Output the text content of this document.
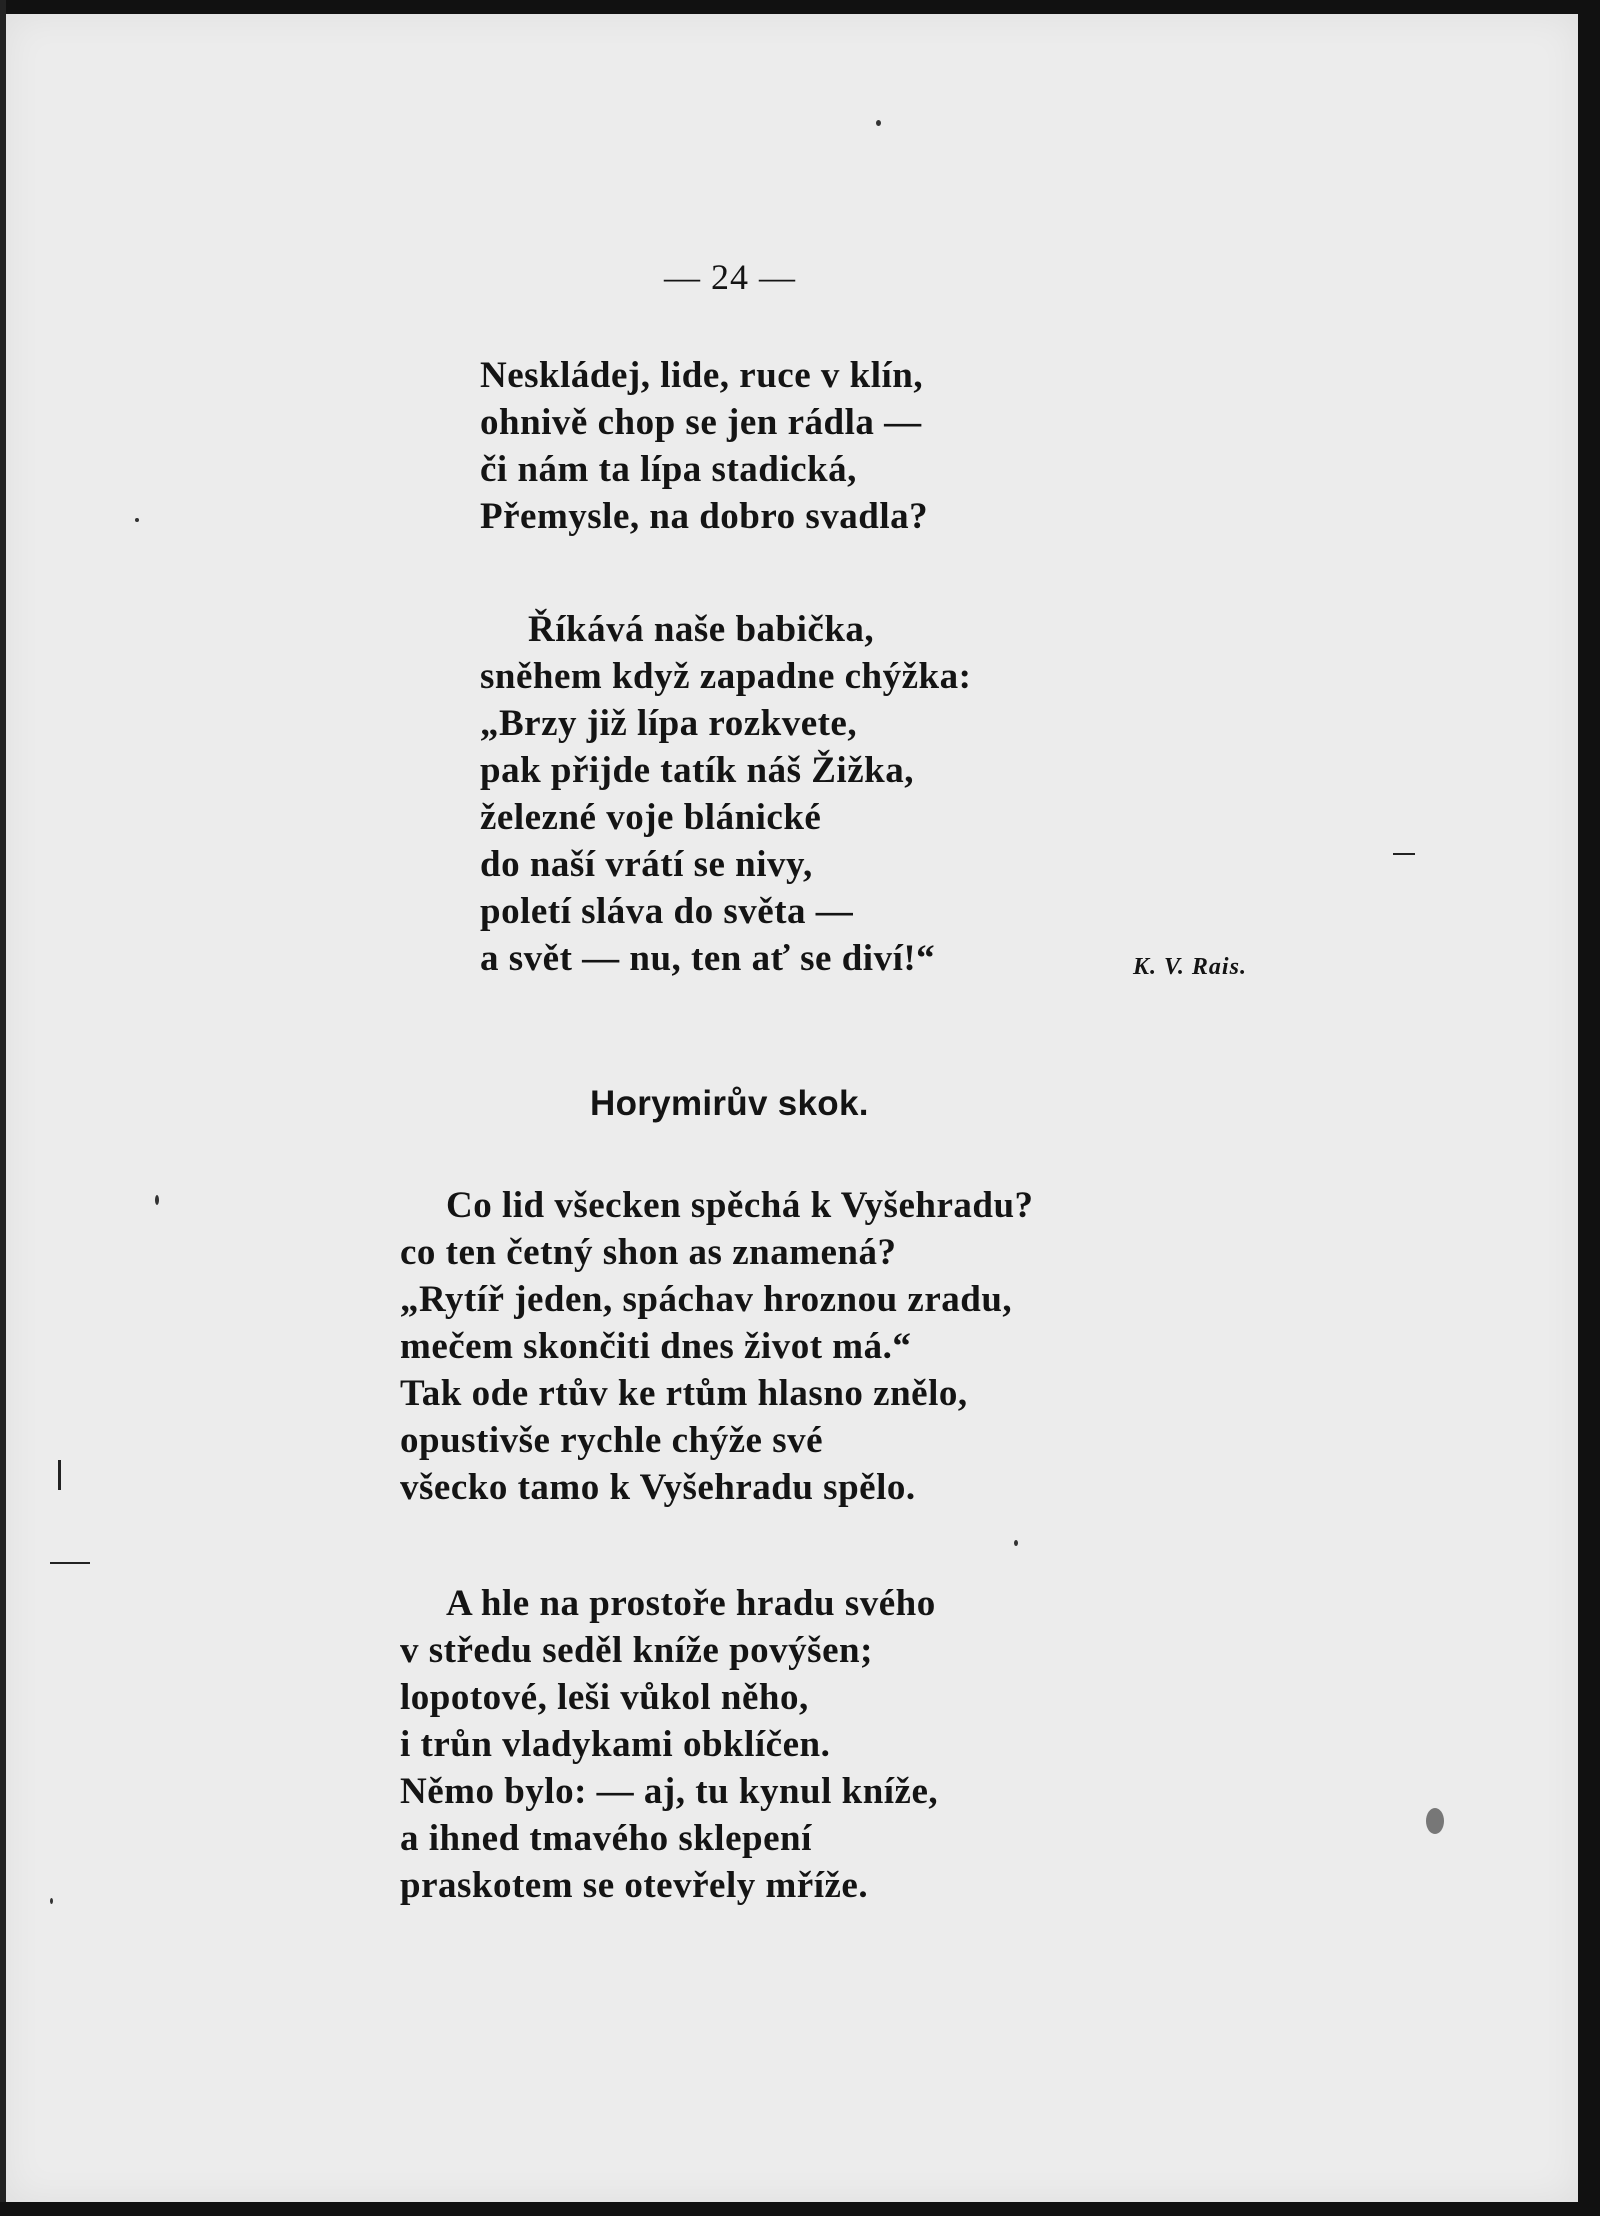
— 24 —
Neskládej, lide, ruce v klín,
ohnivě chop se jen rádla —
či nám ta lípa stadická,
Přemysle, na dobro svadla?
Říkává naše babička,
sněhem když zapadne chýžka:
„Brzy již lípa rozkvete,
pak přijde tatík náš Žižka,
železné voje blánické
do naší vrátí se nivy,
poletí sláva do světa —
a svět — nu, ten ať se diví!“	K. V. Rais.
Horymirův skok.
Co lid všecken spěchá k Vyšehradu?
co ten četný shon as znamená?
„Rytíř jeden, spáchav hroznou zradu,
mečem skončiti dnes život má.“
Tak ode rtův ke rtům hlasno znělo,
opustivše rychle chýže své
všecko tamo k Vyšehradu spělo.
A hle na prostoře hradu svého
v středu seděl kníže povýšen;
lopotové, leši vůkol něho,
i trůn vladykami obklíčen.
Němo bylo: — aj, tu kynul kníže,
a ihned tmavého sklepení
praskotem se otevřely mříže.
